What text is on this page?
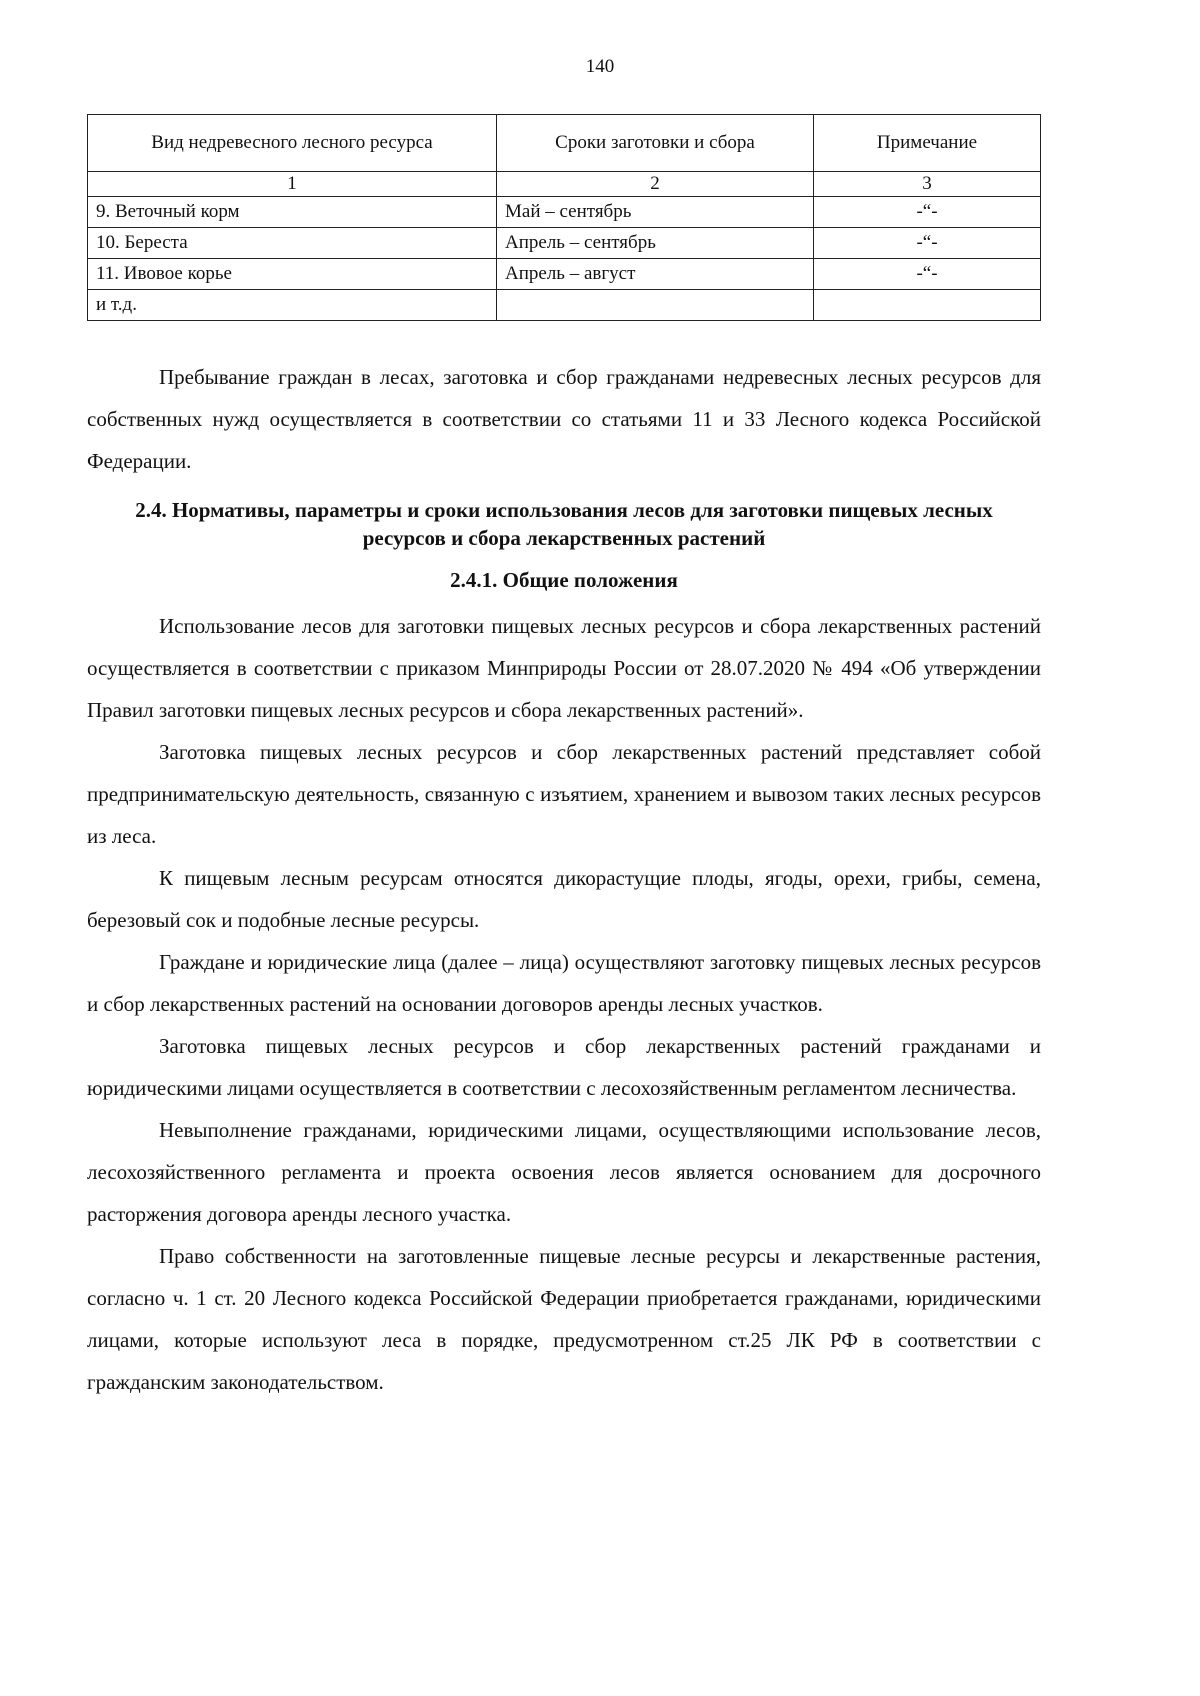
140
Вид недревесного лесного ресурса	Сроки заготовки и сбора	Примечание
1	2	3
9. Веточный корм	Май – сентябрь	-“-
10. Береста	Апрель – сентябрь	-“-
11. Ивовое корье	Апрель – август	-“-
и т.д.		

Пребывание граждан в лесах, заготовка и сбор гражданами недревесных лесных ресурсов для собственных нужд осуществляется в соответствии со статьями 11 и 33 Лесного кодекса Российской Федерации.

2.4. Нормативы, параметры и сроки использования лесов для заготовки пищевых лесных ресурсов и сбора лекарственных растений

2.4.1. Общие положения

Использование лесов для заготовки пищевых лесных ресурсов и сбора лекарственных растений осуществляется в соответствии с приказом Минприроды России от 28.07.2020 № 494 «Об утверждении Правил заготовки пищевых лесных ресурсов и сбора лекарственных растений».

Заготовка пищевых лесных ресурсов и сбор лекарственных растений представляет собой предпринимательскую деятельность, связанную с изъятием, хранением и вывозом таких лесных ресурсов из леса.

К пищевым лесным ресурсам относятся дикорастущие плоды, ягоды, орехи, грибы, семена, березовый сок и подобные лесные ресурсы.

Граждане и юридические лица (далее – лица) осуществляют заготовку пищевых лесных ресурсов и сбор лекарственных растений на основании договоров аренды лесных участков.

Заготовка пищевых лесных ресурсов и сбор лекарственных растений гражданами и юридическими лицами осуществляется в соответствии с лесохозяйственным регламентом лесничества.

Невыполнение гражданами, юридическими лицами, осуществляющими использование лесов, лесохозяйственного регламента и проекта освоения лесов является основанием для досрочного расторжения договора аренды лесного участка.

Право собственности на заготовленные пищевые лесные ресурсы и лекарственные растения, согласно ч. 1 ст. 20 Лесного кодекса Российской Федерации приобретается гражданами, юридическими лицами, которые используют леса в порядке, предусмотренном ст.25 ЛК РФ в соответствии с гражданским законодательством.
